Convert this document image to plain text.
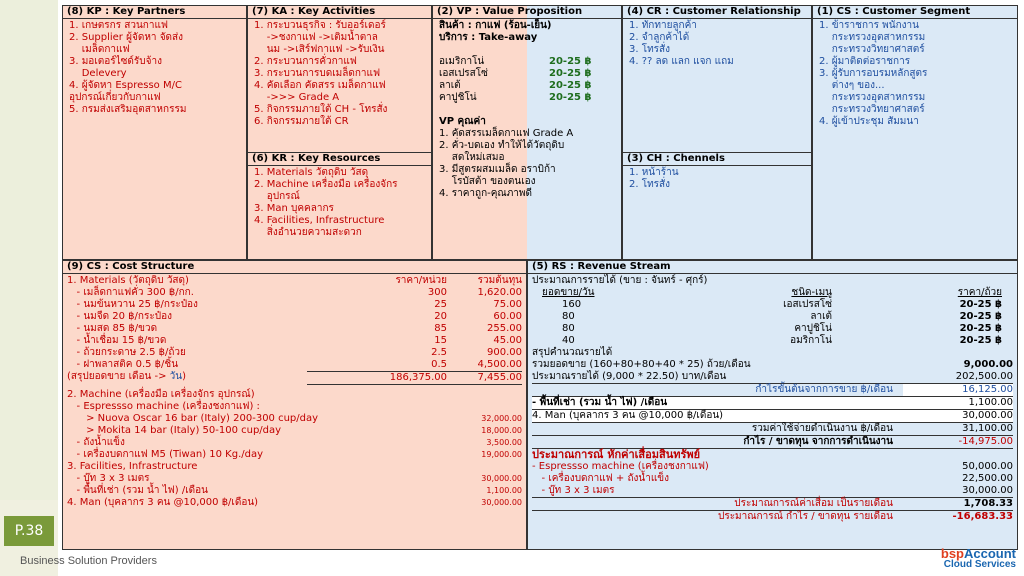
(8) KP : Key Partners
1. เกษตรกร สวนกาแฟ
2. Supplier ผู้จัดหา จัดส่ง
เมล็ดกาแฟ
3. มอเตอร์ไซด์รับจ้าง
Delevery
4. ผู้จัดหา Espresso M/C
อุปกรณ์เกี่ยวกับกาแฟ
5. กรมส่งเสริมอุตสาหกรรม
(7) KA : Key Activities
1. กระบวนธุรกิจ : รับออร์เดอร์
->ชงกาแฟ ->เติมน้ำตาล
นม ->เสิร์ฟกาแฟ ->รับเงิน
2. กระบวนการคั่วกาแฟ
3. กระบวนการบดเมล็ดกาแฟ
4. คัดเลือก คัดสรร เมล็ดกาแฟ
->>> Grade A
5. กิจกรรมภายใต้ CH - โทรสั่ง
6. กิจกรรมภายใต้ CR
(6) KR : Key Resources
1. Materials วัตถุดิบ วัสดุ
2. Machine เครื่องมือ เครื่องจักร
อุปกรณ์
3. Man บุคคลากร
4. Facilities, Infrastructure
สิ่งอำนวยความสะดวก
(2) VP : Value Proposition
สินค้า : กาแฟ (ร้อน-เย็น)
บริการ : Take-away
อเมริกาโน่	20-25 ฿
เอสเปรสโซ่	20-25 ฿
ลาเต้	20-25 ฿
คาปูชิโน่	20-25 ฿
VP คุณค่า
1. คัดสรรเมล็ดกาแฟ Grade A
2. คั่ว-บดเอง ทำให้ได้วัตถุดิบ
สดใหม่เสมอ
3. มีสูตรผสมเมล็ด อราบิก้า
โรบัสต้า ของตนเอง
4. ราคาถูก-คุณภาพดี
(4) CR : Customer Relationship
1. ทักทายลูกค้า
2. จำลูกค้าได้
3. โทรสั่ง
4. ?? ลด แลก แจก แถม
(3) CH : Chennels
1. หน้าร้าน
2. โทรสั่ง
(1) CS : Customer Segment
1. ข้าราชการ พนักงาน
กระทรวงอุตสาหกรรม
กระทรวงวิทยาศาสตร์
2. ผู้มาติดต่อราชการ
3. ผู้รับการอบรมหลักสูตร
ต่างๆ ของ...
กระทรวงอุตสาหกรรม
กระทรวงวิทยาศาสตร์
4. ผู้เข้าประชุม สัมมนา
(9) CS : Cost Structure
1. Materials (วัตถุดิบ วัสดุ)	ราคา/หน่วย	รวมต้นทุน
- เมล็ดกาแฟคั่ว 300 ฿/กก.	300	1,620.00
- นมข้นหวาน 25 ฿/กระป๋อง	25	75.00
- นมจืด 20 ฿/กระป๋อง	20	60.00
- นมสด 85 ฿/ขวด	85	255.00
- น้ำเชื่อม 15 ฿/ขวด	15	45.00
- ถ้วยกระดาษ 2.5 ฿/ถ้วย	2.5	900.00
- ฝาพลาสติค 0.5 ฿/ชิ้น	0.5	4,500.00
(สรุปยอดขาย เดือน -> วัน)	186,375.00	7,455.00
2. Machine (เครื่องมือ เครื่องจักร อุปกรณ์)
- Espressso machine (เครื่องชงกาแฟ) :
> Nuova Oscar 16 bar (Italy) 200-300 cup/day	32,000.00
> Mokita 14 bar (Italy) 50-100 cup/day	18,000.00
- ถังน้ำแข็ง	3,500.00
- เครื่องบดกาแฟ M5 (Tiwan) 10 Kg./day	19,000.00
3. Facilities, Infrastructure
- บู๊ท 3 x 3 เมตร	30,000.00
- พื้นที่เช่า (รวม น้ำ ไฟ) /เดือน	1,100.00
4. Man (บุคลากร 3 คน @10,000 ฿/เดือน)	30,000.00
(5) RS : Revenue Stream
ประมาณการรายได้ (ขาย : จันทร์ - ศุกร์)
ยอดขาย/วัน	ชนิด-เมนู	ราคา/ถ้วย
160	เอสเปรสโซ่	20-25 ฿
80	ลาเต้	20-25 ฿
80	คาปูชิโน่	20-25 ฿
40	อมริกาโน่	20-25 ฿
สรุปคำนวณรายได้
รวมยอดขาย (160+80+80+40 * 25) ถ้วย/เดือน	9,000.00
ประมาณรายได้ (9,000 * 22.50) บาท/เดือน	202,500.00
กำไรขั้นต้นจากการขาย ฿/เดือน	16,125.00
- พื้นที่เช่า (รวม น้ำ ไฟ) /เดือน	1,100.00
4. Man (บุคลากร 3 คน @10,000 ฿/เดือน)	30,000.00
รวมค่าใช้จ่ายดำเนินงาน ฿/เดือน	31,100.00
กำไร / ขาดทุน จากการดำเนินงาน	-14,975.00
ประมาณการณ์ หักค่าเสื่อมสินทรัพย์
- Espressso machine (เครื่องชงกาแฟ)	50,000.00
- เครื่องบดกาแฟ + ถังน้ำแข็ง	22,500.00
- บู๊ท 3 x 3 เมตร	30,000.00
ประมาณการณ์ค่าเสื่อม เป็นรายเดือน	1,708.33
ประมาณการณ์ กำไร / ขาดทุน รายเดือน	-16,683.33
P.38
Business Solution Providers	bspAccount
Cloud Services
